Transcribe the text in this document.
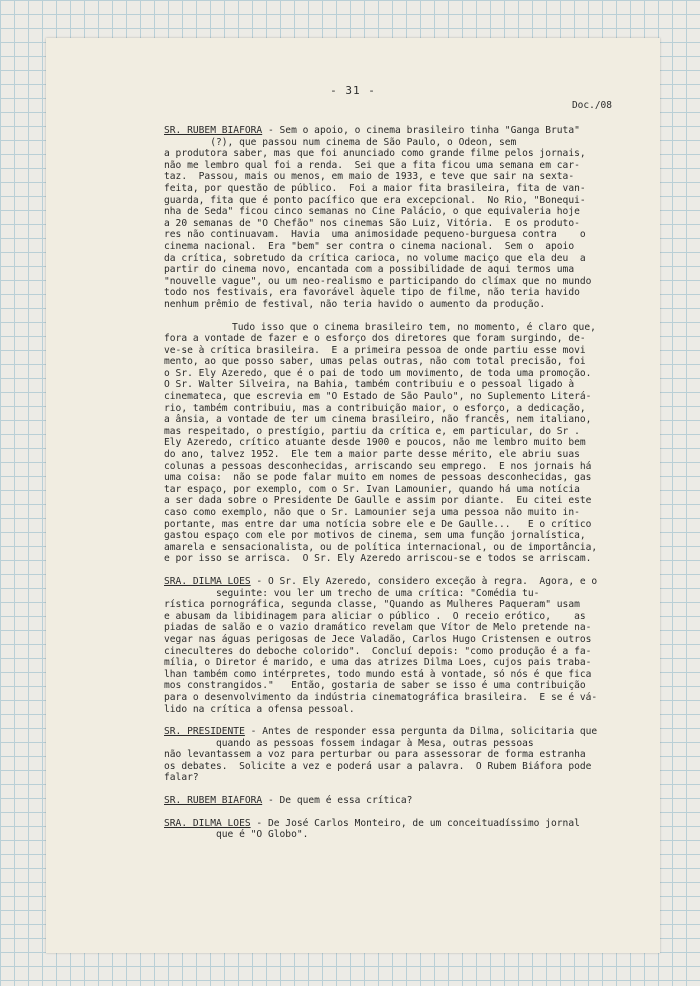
- 31 -
Doc./08
SR. RUBEM BIÁFORA - Sem o apoio, o cinema brasileiro tinha "Ganga Bruta"
(?), que passou num cinema de São Paulo, o Odeon, sem
a produtora saber, mas que foi anunciado como grande filme pelos jornais,
não me lembro qual foi a renda.  Sei que a fita ficou uma semana em car-
taz.  Passou, mais ou menos, em maio de 1933, e teve que sair na sexta-
feita, por questão de público.  Foi a maior fita brasileira, fita de van-
guarda, fita que é ponto pacífico que era excepcional.  No Rio, "Bonequi-
nha de Seda" ficou cinco semanas no Cine Palácio, o que equivaleria hoje
a 20 semanas de "O Chefão" nos cinemas São Luiz, Vitória.  E os produto-
res não continuavam.  Havia  uma animosidade pequeno-burguesa contra    o
cinema nacional.  Era "bem" ser contra o cinema nacional.  Sem o  apoio
da crítica, sobretudo da crítica carioca, no volume maciço que ela deu  a
partir do cinema novo, encantada com a possibilidade de aqui termos uma
"nouvelle vague", ou um neo-realismo e participando do clímax que no mundo
todo nos festivais, era favorável àquele tipo de filme, não teria havido
nenhum prêmio de festival, não teria havido o aumento da produção.
Tudo isso que o cinema brasileiro tem, no momento, é claro que,
fora a vontade de fazer e o esforço dos diretores que foram surgindo, de-
ve-se à crítica brasileira.  E a primeira pessoa de onde partiu esse movi
mento, ao que posso saber, umas pelas outras, não com total precisão, foi
o Sr. Ely Azeredo, que é o pai de todo um movimento, de toda uma promoção.
O Sr. Walter Silveira, na Bahia, também contribuiu e o pessoal ligado à
cinemateca, que escrevia em "O Estado de São Paulo", no Suplemento Literá-
rio, também contribuiu, mas a contribuição maior, o esforço, a dedicação,
a ânsia, a vontade de ter um cinema brasileiro, não francês, nem italiano,
mas respeitado, o prestígio, partiu da crítica e, em particular, do Sr .
Ely Azeredo, crítico atuante desde 1900 e poucos, não me lembro muito bem
do ano, talvez 1952.  Ele tem a maior parte desse mérito, ele abriu suas
colunas a pessoas desconhecidas, arriscando seu emprego.  E nos jornais há
uma coisa:  não se pode falar muito em nomes de pessoas desconhecidas, gas
tar espaço, por exemplo, com o Sr. Ivan Lamounier, quando há uma notícia
a ser dada sobre o Presidente De Gaulle e assim por diante.  Eu citei este
caso como exemplo, não que o Sr. Lamounier seja uma pessoa não muito in-
portante, mas entre dar uma notícia sobre ele e De Gaulle...   E o crítico
gastou espaço com ele por motivos de cinema, sem uma função jornalística,
amarela e sensacionalista, ou de política internacional, ou de importância,
e por isso se arrisca.  O Sr. Ely Azeredo arriscou-se e todos se arriscam.
SRA. DILMA LÓES - O Sr. Ely Azeredo, considero exceção à regra.  Agora, e o
seguinte: vou ler um trecho de uma crítica: "Comédia tu-
rística pornográfica, segunda classe, "Quando as Mulheres Paqueram" usam
e abusam da libidinagem para aliciar o público .  O receio erótico,    as
piadas de salão e o vazio dramático revelam que Vítor de Melo pretende na-
vegar nas águas perigosas de Jece Valadão, Carlos Hugo Cristensen e outros
cineculteres do deboche colorido".  Concluí depois: "como produção é a fa-
mília, o Diretor é marido, e uma das atrizes Dilma Loes, cujos pais traba-
lhan também como intérpretes, todo mundo está à vontade, só nós é que fica
mos constrangidos."   Então, gostaria de saber se isso é uma contribuição
para o desenvolvimento da indústria cinematográfica brasileira.  E se é vá-
lido na crítica a ofensa pessoal.
SR. PRESIDENTE - Antes de responder essa pergunta da Dilma, solicitaria que
quando as pessoas fossem indagar à Mesa, outras pessoas
não levantassem a voz para perturbar ou para assessorar de forma estranha
os debates.  Solicite a vez e poderá usar a palavra.  O Rubem Biáfora pode
falar?
SR. RUBEM BIÁFORA - De quem é essa crítica?
SRA. DILMA LOES - De José Carlos Monteiro, de um conceituadíssimo jornal
que é "O Globo".
